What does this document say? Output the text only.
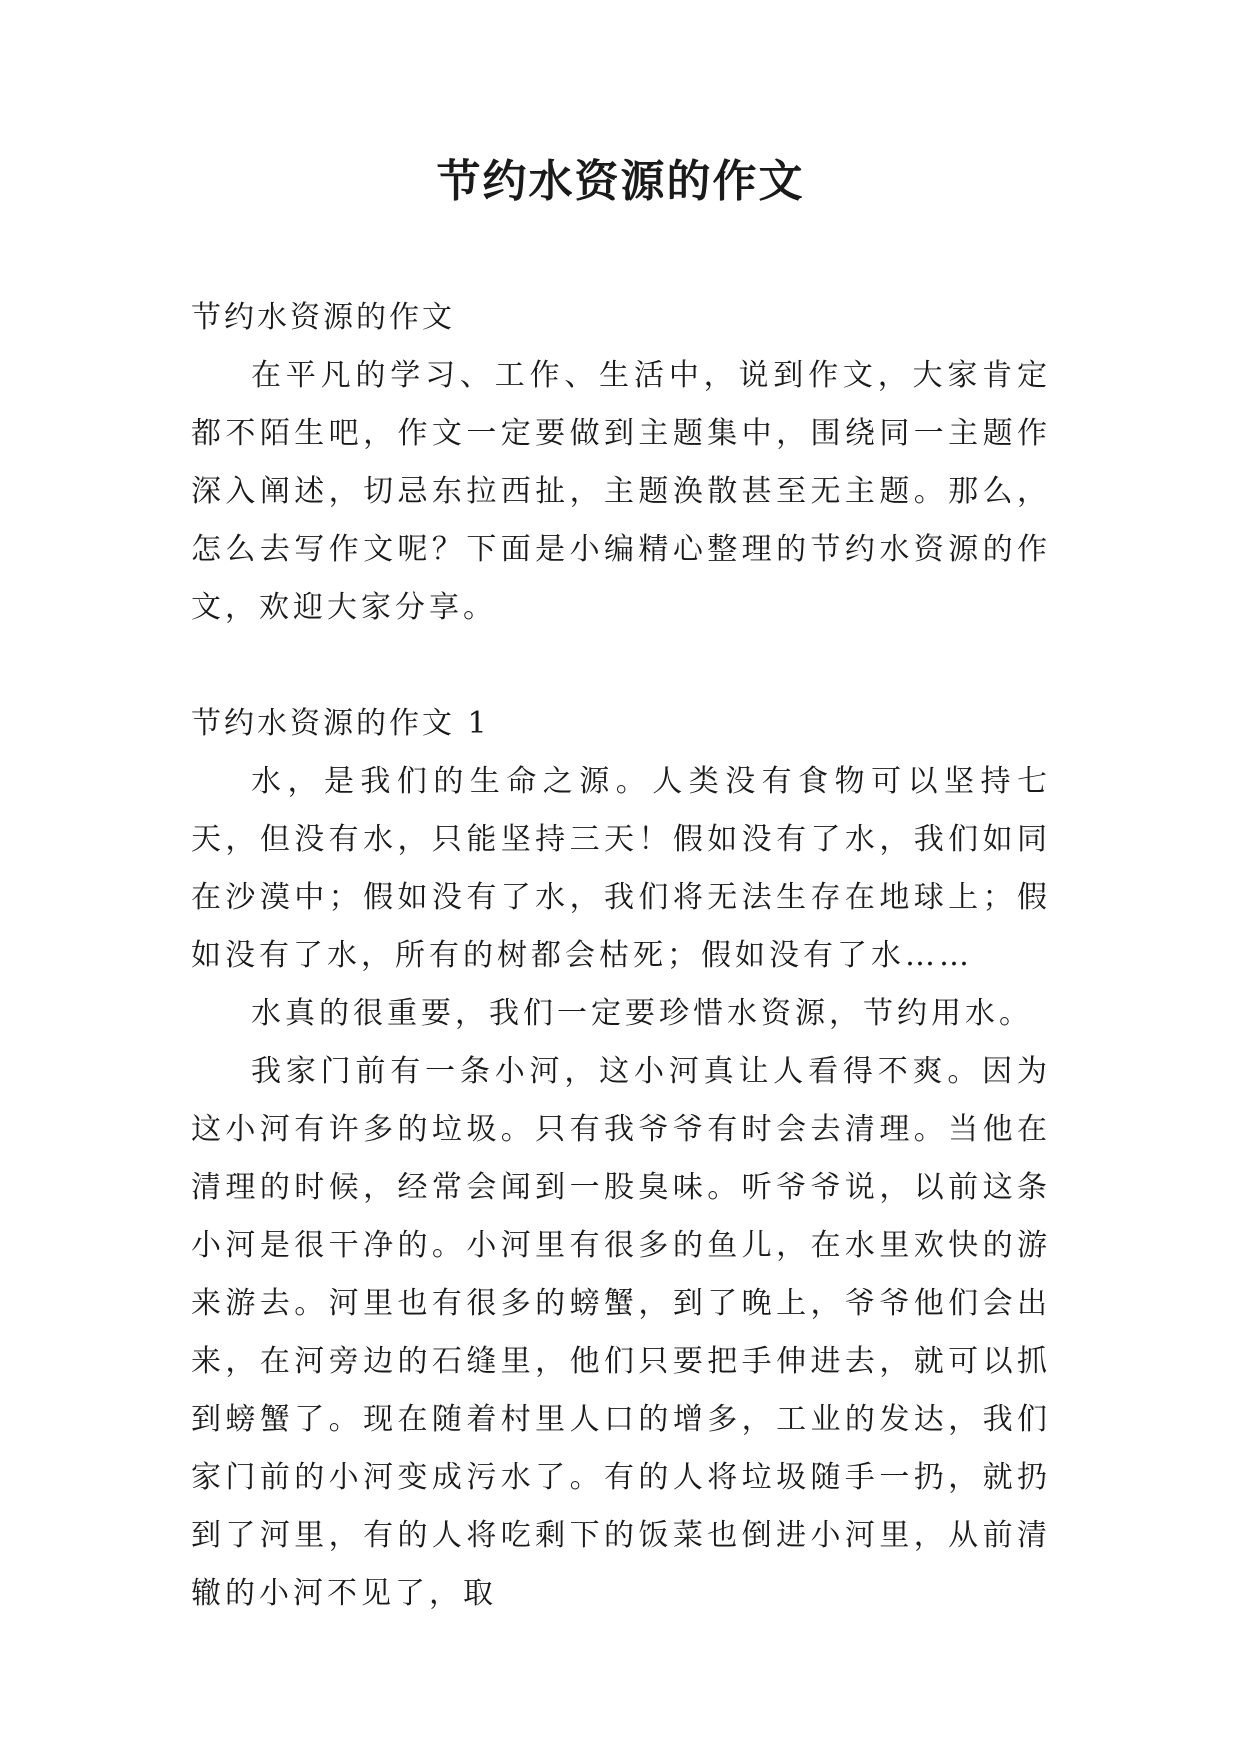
节约水资源的作文

节约水资源的作文

在平凡的学习、工作、生活中，说到作文，大家肯定都不陌生吧，作文一定要做到主题集中，围绕同一主题作深入阐述，切忌东拉西扯，主题涣散甚至无主题。那么，怎么去写作文呢？下面是小编精心整理的节约水资源的作文，欢迎大家分享。

节约水资源的作文 1

水，是我们的生命之源。人类没有食物可以坚持七天，但没有水，只能坚持三天！假如没有了水，我们如同在沙漠中；假如没有了水，我们将无法生存在地球上；假如没有了水，所有的树都会枯死；假如没有了水……

水真的很重要，我们一定要珍惜水资源，节约用水。

我家门前有一条小河，这小河真让人看得不爽。因为这小河有许多的垃圾。只有我爷爷有时会去清理。当他在清理的时候，经常会闻到一股臭味。听爷爷说，以前这条小河是很干净的。小河里有很多的鱼儿，在水里欢快的游来游去。河里也有很多的螃蟹，到了晚上，爷爷他们会出来，在河旁边的石缝里，他们只要把手伸进去，就可以抓到螃蟹了。现在随着村里人口的增多，工业的发达，我们家门前的小河变成污水了。有的人将垃圾随手一扔，就扔到了河里，有的人将吃剩下的饭菜也倒进小河里，从前清辙的小河不见了，取
